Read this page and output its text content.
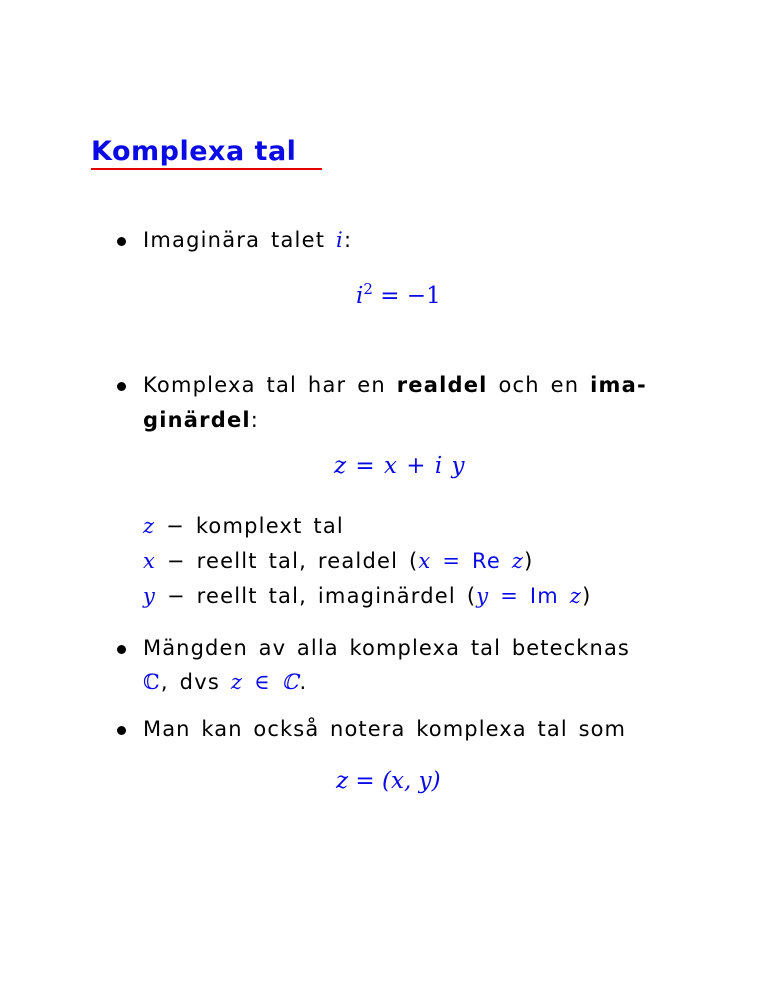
Komplexa tal
Imaginära talet i:
$i^2 = -1$
Komplexa tal har en realdel och en ima-
ginärdel:
z = x + i y
z − komplext tal
x − reellt tal, realdel (x = Re z)
y − reellt tal, imaginärdel (y = Im z)
Mängden av alla komplexa tal betecknas
ℂ, dvs z ∈ ℂ.
Man kan också notera komplexa tal som
z = (x, y)
